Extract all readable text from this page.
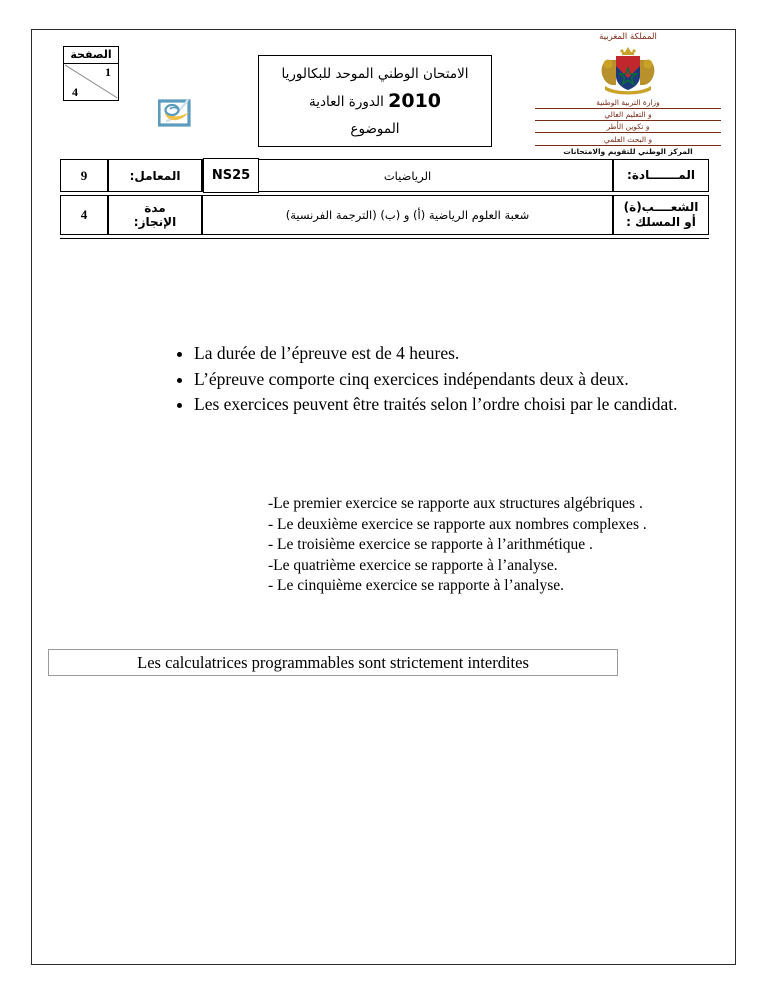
الصفحة
1
4
الامتحان الوطني الموحد للبكالوريا
2010 الدورة العادية
الموضوع
المملكة المغربية
وزارة التربية الوطنية
و التعليم العالي
و تكوين الأطر
و البحث العلمي
المركز الوطني للتقويم والامتحانات
المـــــــادة:
الرياضيات
NS25
المعامل:
9
الشعــــب(ة)
أو المسلك :
شعبة العلوم الرياضية (أ) و (ب) (الترجمة الفرنسية)
مدة
الإنجاز:
4
• La durée de l’épreuve est de 4 heures.
• L’épreuve comporte cinq exercices indépendants deux à deux.
• Les exercices peuvent être traités selon l’ordre choisi par le candidat.
-Le premier exercice se rapporte aux structures algébriques .
- Le deuxième exercice se rapporte aux nombres complexes .
- Le troisième exercice se rapporte à l’arithmétique .
-Le quatrième exercice se rapporte à l’analyse.
- Le cinquième exercice se rapporte à l’analyse.
Les calculatrices programmables sont strictement interdites
